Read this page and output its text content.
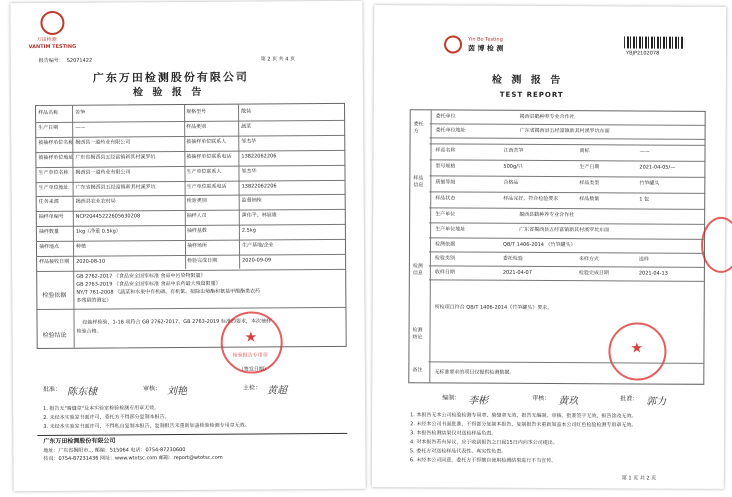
万田检测
VANTIM TESTING
报告编号： S2071422	第 2 页 共 4 页
广东万田检测股份有限公司
检 验 报 告
检验依据
GB 2762-2017 《食品安全国家标准 食品中污染物限量》
GB 2763-2019 《食品安全国家标准 食品中农药最大残留限量》
NY/T 761-2008 《蔬菜和水果中有机磷、有机氯、拟除虫菊酯和氨基甲酸酯类农药
多残留的测定》
检验结论
经抽样检验，1-16 项符合 GB 2762-2017、GB 2763-2019 标准的要求，本次抽样
检验合格。	★
检验报告专用章
（签发日期）
批准： 陈东棣	审核： 刘艳	主检： 黄超
1. 报告无"骑缝章"及本实验室检验检测专用章无效。
2. 未经本实验室书面许可，委托方不得部分复制本报告。
3. 未经本实验室书面许可，不得私自复制本报告，复制报告未重新加盖检验检测专用章无效。
广东万田检测股份有限公司
地址：广东省揭阳市... 邮编：515064 电话：0754-87230600
传真：0754-87231436 网址：www.wtotsc.com 邮箱：report@wtotsc.com
样品名称	苦笋	规格型号	散装
生产日期	——	样品类别	蔬菜
被抽样单位名称 揭西县一道药业有限公司	被抽样单位联系人	邹杰华
被抽样单位地址 广东省揭西县五经富镇新其村溪罗坑	被抽样单位联系电话 13822062206
生产单位名称 揭西县一道药业有限公司	生产单位联系人	邹杰华
生产单位地址 广东省揭西县五经富镇新其村溪罗坑	生产单位联系电话	13822062206
任务来源	揭西县农业农村局	检验类别	监督抽检
抽样单编号 NCP20445222605630208	抽样人员	黄伟平、林展雄
抽样数量	1kg（净重 0.5kg）	抽样基数	2.5kg
抽样地点	种植	抽样场所	生产基地/企业
样品接收日期 2020-08-10	检验完成日期	2020-09-09
Yin Bo Testing
茵 博 检 测
YBJP2102078
检 测 报 告
TEST REPORT
委托方
样品信息
检测信息
检测结论
备注
所检项目符合 QB/T 1406-2014《竹笋罐头》要求。
无标准要求的项目仅提供检测数据。
★
编制： 李彬	审核： 黄玖	批准： 郭力
第 1 页 共 2 页
委托单位	揭西县鹤种养专业合作社
委托单位地址	广东省揭西县五经富镇新其村溪罗坑东面
样品名称	江西苦笋	商标	——
型号规格	500g/只	生产日期	2021-04-05/—
质量等级	合格品	样品类型	竹笋罐头
样品状态	样品完好，符合检验要求	样品数量	1 包
生产单位	揭西县鹤种养专业合作社
生产单位地址	广东省揭西县五经富镇新其村溪罗坑东面
检测依据	QB/T 1406-2014 《竹笋罐头》
检验类别	委托检验	来样方式	送样
收样日期	2021-04-07	检验完成日期	2021-04-13
1. 本报告无本公司检验检测专用章、骑缝章无效，报告无编制、审核、批准签字无效，报告涂改无效。
2. 未经本公司书面批准，不得部分复制本报告，复制报告未重新加盖本公司红色检验检测专用章无效。
3. 本报告检测结果仅对送检样品负责。
4. 对本报告若有异议，应于收到报告之日起15日内向本公司提出。
5. 委托方对送检样品代表性、真实性负责。
6. 未经本公司同意，委托方不得擅自使用检测结果进行不当宣传。
